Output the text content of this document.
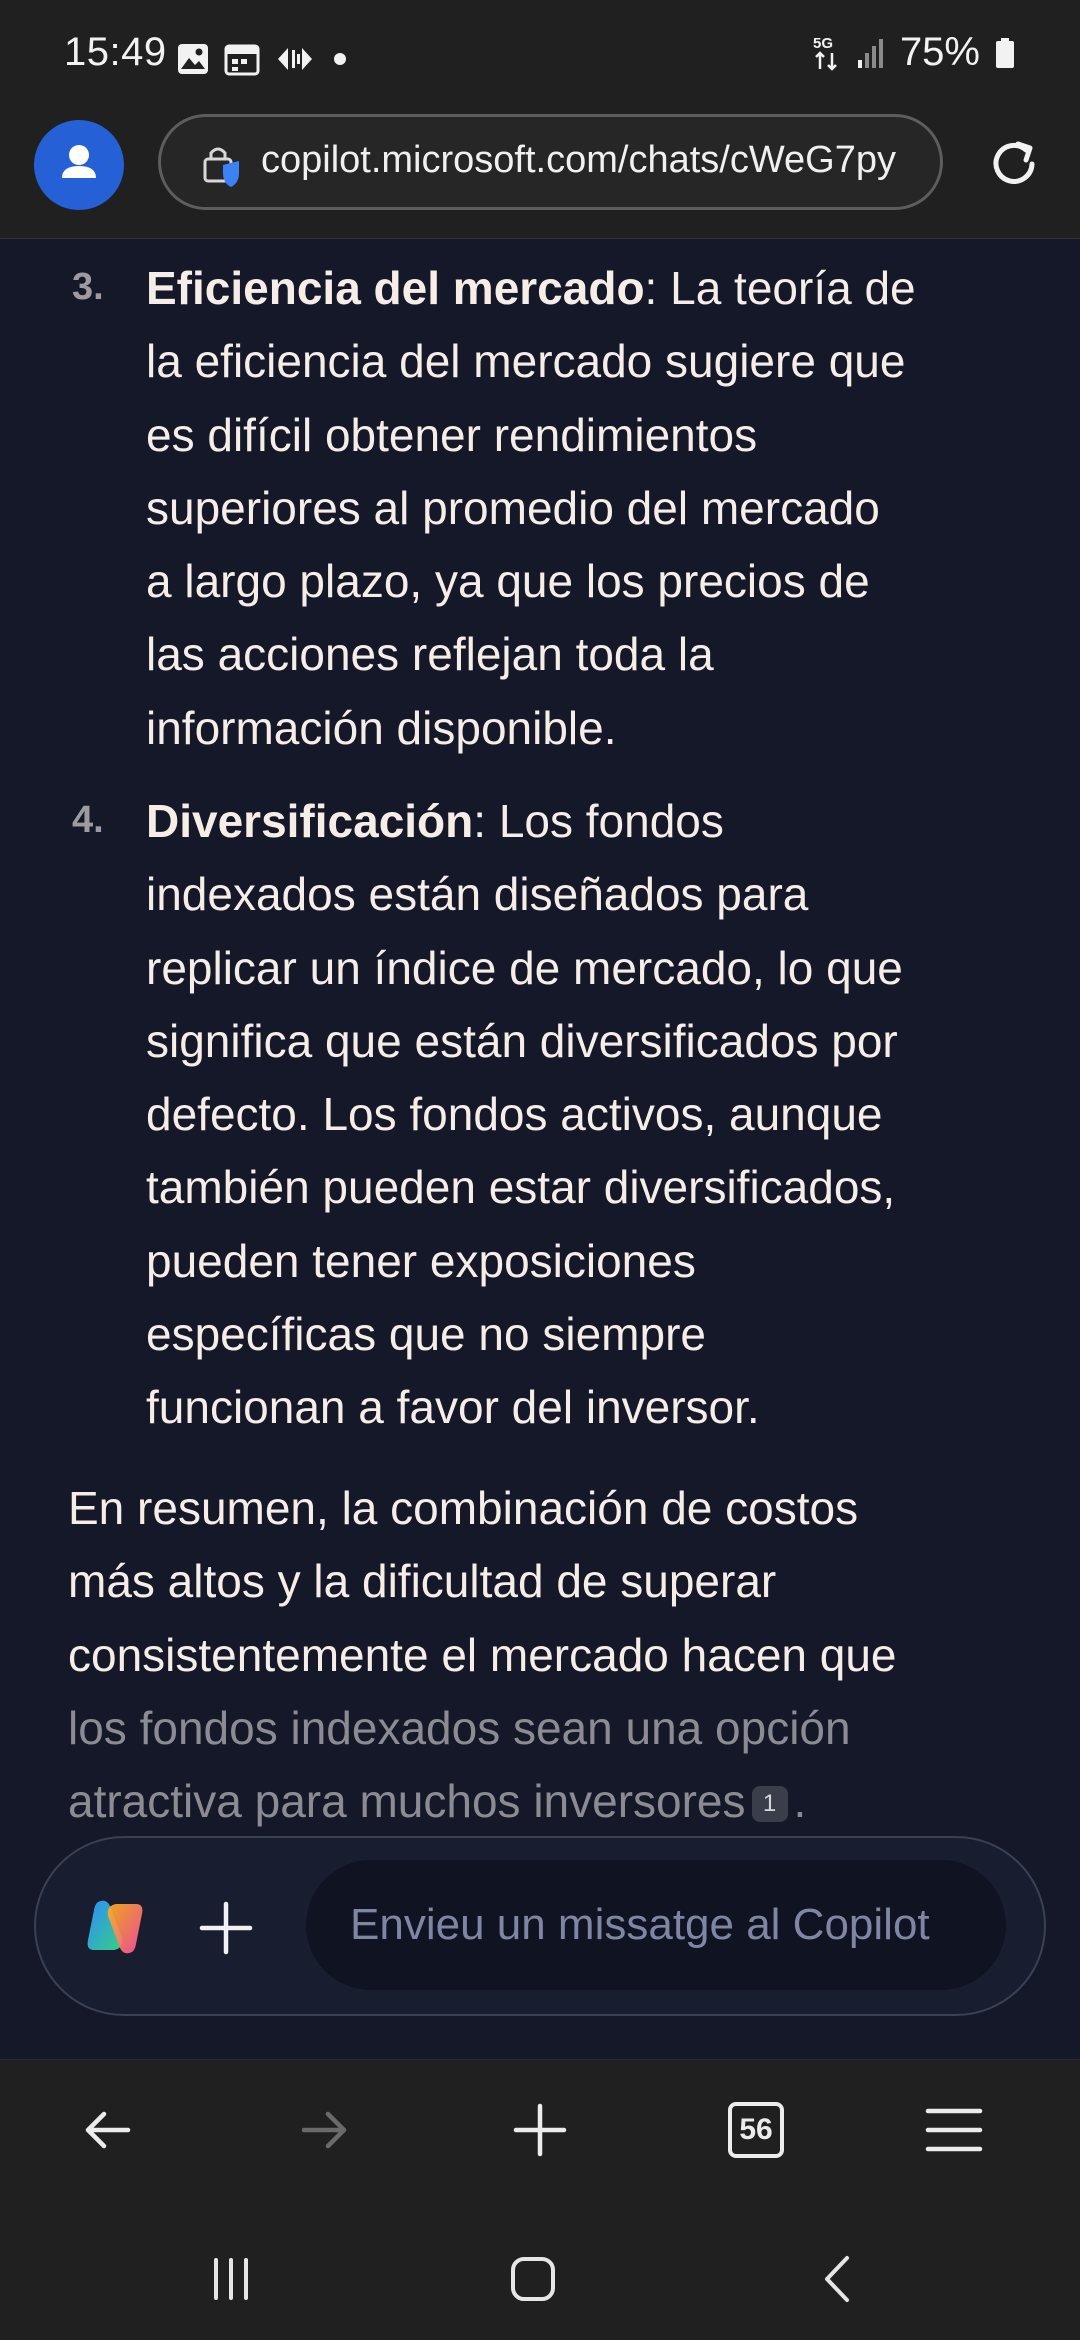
15:49	5G 75%
copilot.microsoft.com/chats/cWeG7py
3. Eficiencia del mercado: La teoría de
la eficiencia del mercado sugiere que
es difícil obtener rendimientos
superiores al promedio del mercado
a largo plazo, ya que los precios de
las acciones reflejan toda la
información disponible.
4. Diversificación: Los fondos
indexados están diseñados para
replicar un índice de mercado, lo que
significa que están diversificados por
defecto. Los fondos activos, aunque
también pueden estar diversificados,
pueden tener exposiciones
específicas que no siempre
funcionan a favor del inversor.
En resumen, la combinación de costos
más altos y la dificultad de superar
consistentemente el mercado hacen que
los fondos indexados sean una opción
atractiva para muchos inversores 1 .
Envieu un missatge al Copilot
56
